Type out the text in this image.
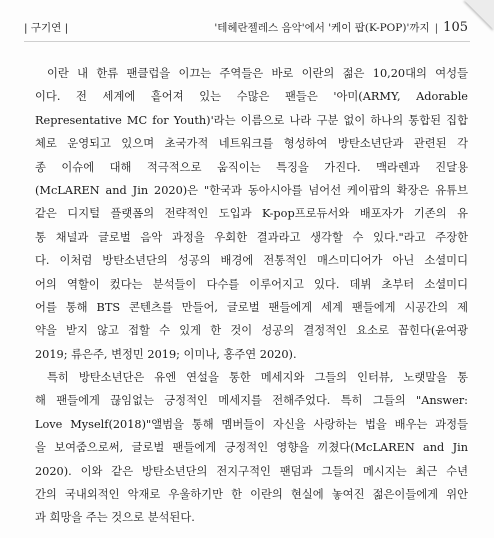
| 구기연 |	'테헤란젤레스 음악'에서 '케이 팝(K-POP)'까지 | 105
이란 내 한류 팬클럽을 이끄는 주역들은 바로 이란의 젊은 10,20대의 여성들
이다. 전 세계에 흩어져 있는 수많은 팬들은 '아미(ARMY, Adorable
Representative MC for Youth)'라는 이름으로 나라 구분 없이 하나의 통합된 집합
체로 운영되고 있으며 초국가적 네트워크를 형성하여 방탄소년단과 관련된 각
종 이슈에 대해 적극적으로 움직이는 특징을 가진다. 맥라렌과 진달용
(McLAREN and Jin 2020)은 "한국과 동아시아를 넘어선 케이팝의 확장은 유튜브
같은 디지털 플랫폼의 전략적인 도입과 K-pop프로듀서와 배포자가 기존의 유
통 채널과 글로벌 음악 과정을 우회한 결과라고 생각할 수 있다."라고 주장한
다. 이처럼 방탄소년단의 성공의 배경에 전통적인 매스미디어가 아닌 소셜미디
어의 역할이 컸다는 분석들이 다수를 이루어지고 있다. 데뷔 초부터 소셜미디
어를 통해 BTS 콘텐츠를 만들어, 글로벌 팬들에게 세계 팬들에게 시공간의 제
약을 받지 않고 접할 수 있게 한 것이 성공의 결정적인 요소로 꼽힌다(윤여광
2019; 류은주, 변정민 2019; 이미나, 홍주연 2020).
특히 방탄소년단은 유엔 연설을 통한 메세지와 그들의 인터뷰, 노랫말을 통
해 팬들에게 끊임없는 긍정적인 메세지를 전해주었다. 특히 그들의 "Answer:
Love Myself(2018)"앨범을 통해 멤버들이 자신을 사랑하는 법을 배우는 과정들
을 보여줌으로써, 글로벌 팬들에게 긍정적인 영향을 끼쳤다(McLAREN and Jin
2020). 이와 같은 방탄소년단의 전지구적인 팬덤과 그들의 메시지는 최근 수년
간의 국내외적인 악재로 우울하기만 한 이란의 현실에 놓여진 젊은이들에게 위안
과 희망을 주는 것으로 분석된다.
